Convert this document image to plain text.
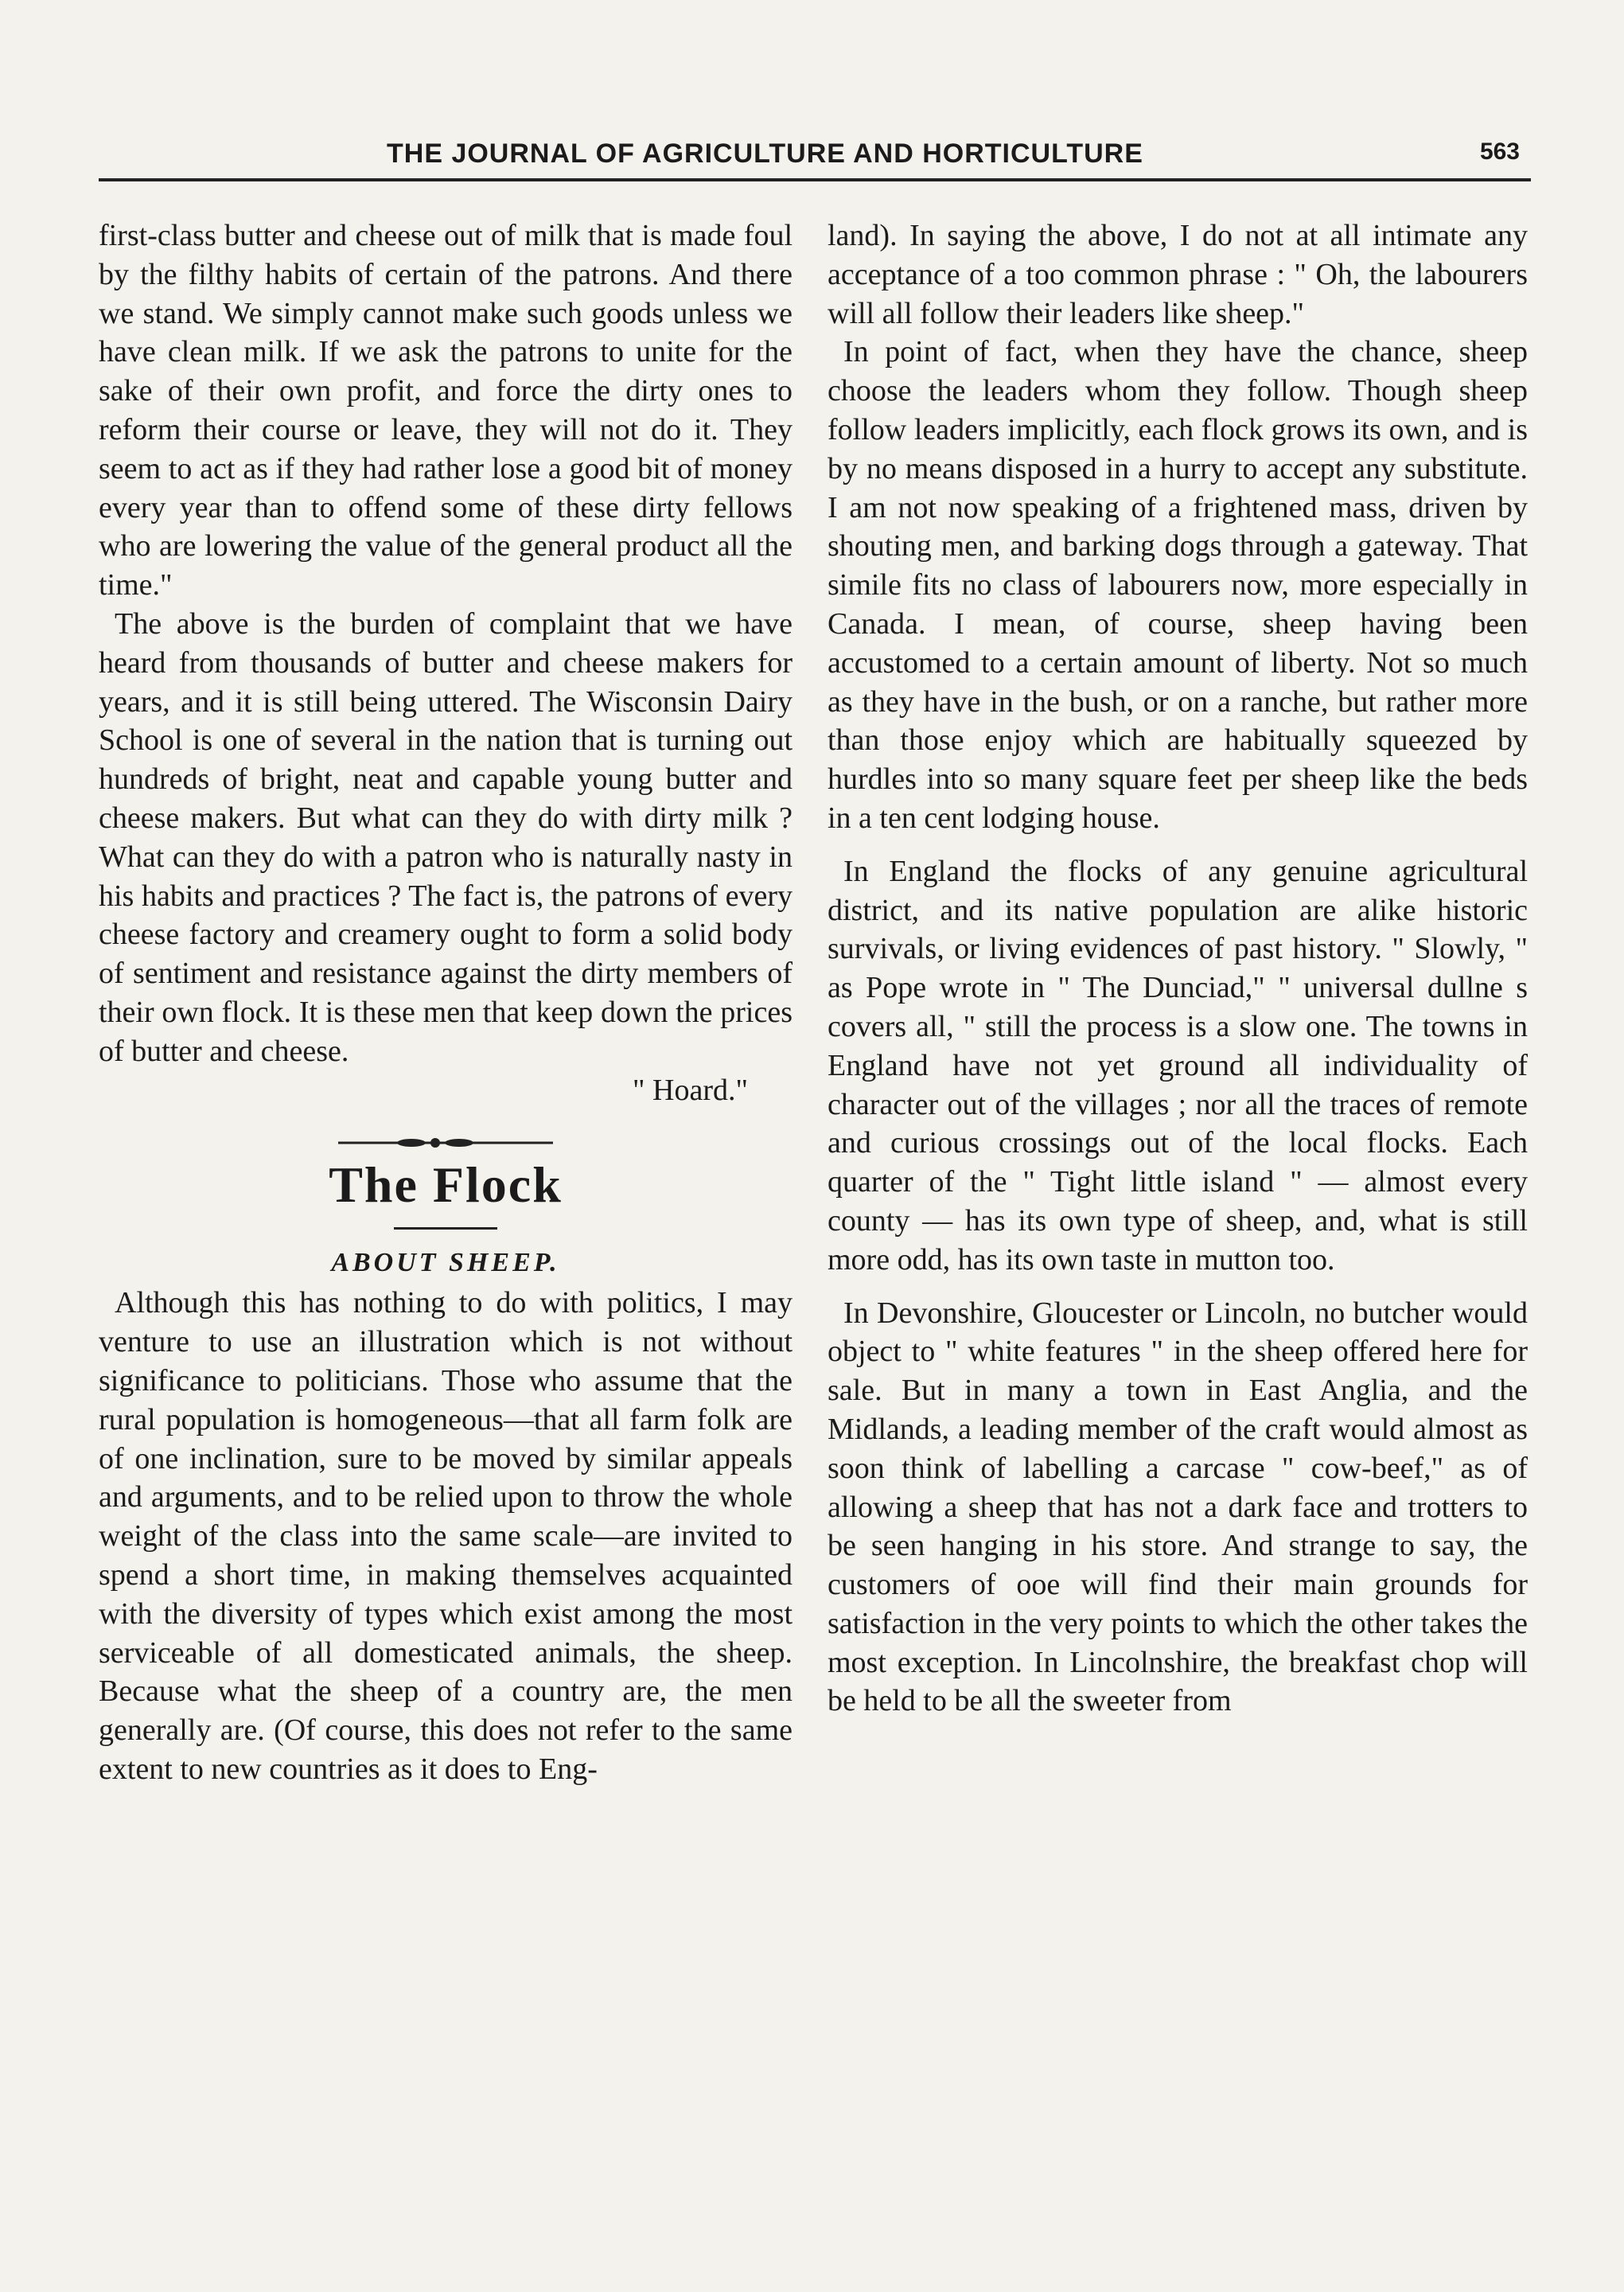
THE JOURNAL OF AGRICULTURE AND HORTICULTURE	563

first-class butter and cheese out of milk that is made foul by the filthy habits of certain of the patrons. And there we stand. We simply cannot make such goods unless we have clean milk. If we ask the patrons to unite for the sake of their own profit, and force the dirty ones to reform their course or leave, they will not do it. They seem to act as if they had rather lose a good bit of money every year than to offend some of these dirty fellows who are lowering the value of the general product all the time."

The above is the burden of complaint that we have heard from thousands of butter and cheese makers for years, and it is still being uttered. The Wisconsin Dairy School is one of several in the nation that is turning out hundreds of bright, neat and capable young butter and cheese makers. But what can they do with dirty milk ? What can they do with a patron who is naturally nasty in his habits and practices ? The fact is, the patrons of every cheese factory and creamery ought to form a solid body of sentiment and resistance against the dirty members of their own flock. It is these men that keep down the prices of butter and cheese.

" Hoard."

The Flock

ABOUT SHEEP.

Although this has nothing to do with politics, I may venture to use an illustration which is not without significance to politicians. Those who assume that the rural population is homogeneous—that all farm folk are of one inclination, sure to be moved by similar appeals and arguments, and to be relied upon to throw the whole weight of the class into the same scale—are invited to spend a short time, in making themselves acquainted with the diversity of types which exist among the most serviceable of all domesticated animals, the sheep. Because what the sheep of a country are, the men generally are. (Of course, this does not refer to the same extent to new countries as it does to Eng-

land). In saying the above, I do not at all intimate any acceptance of a too common phrase : " Oh, the labourers will all follow their leaders like sheep."

In point of fact, when they have the chance, sheep choose the leaders whom they follow. Though sheep follow leaders implicitly, each flock grows its own, and is by no means disposed in a hurry to accept any substitute. I am not now speaking of a frightened mass, driven by shouting men, and barking dogs through a gateway. That simile fits no class of labourers now, more especially in Canada. I mean, of course, sheep having been accustomed to a certain amount of liberty. Not so much as they have in the bush, or on a ranche, but rather more than those enjoy which are habitually squeezed by hurdles into so many square feet per sheep like the beds in a ten cent lodging house.

In England the flocks of any genuine agricultural district, and its native population are alike historic survivals, or living evidences of past history. " Slowly, " as Pope wrote in " The Dunciad," " universal dullne s covers all, " still the process is a slow one. The towns in England have not yet ground all individuality of character out of the villages ; nor all the traces of remote and curious crossings out of the local flocks. Each quarter of the " Tight little island " — almost every county — has its own type of sheep, and, what is still more odd, has its own taste in mutton too.

In Devonshire, Gloucester or Lincoln, no butcher would object to " white features " in the sheep offered here for sale. But in many a town in East Anglia, and the Midlands, a leading member of the craft would almost as soon think of labelling a carcase " cow-beef," as of allowing a sheep that has not a dark face and trotters to be seen hanging in his store. And strange to say, the customers of ooe will find their main grounds for satisfaction in the very points to which the other takes the most exception. In Lincolnshire, the breakfast chop will be held to be all the sweeter from
